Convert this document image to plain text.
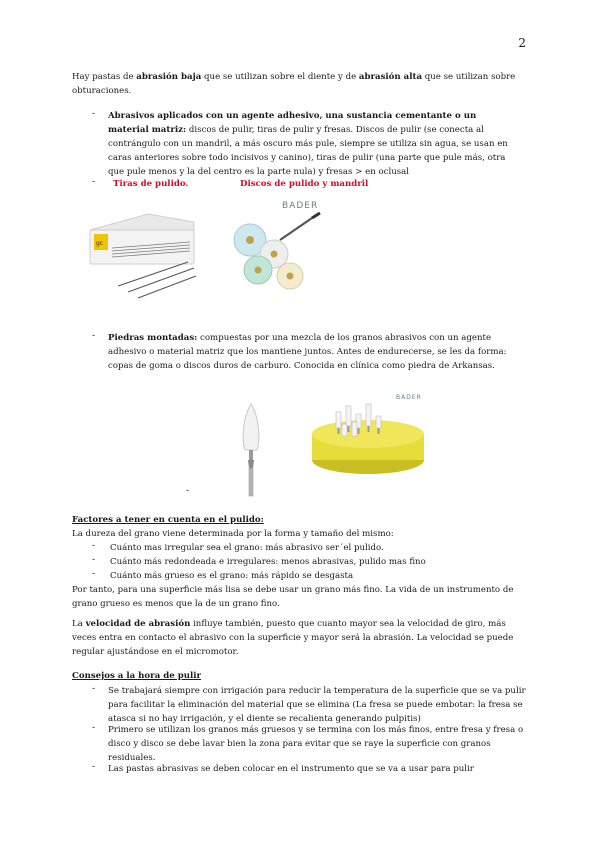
2

Hay pastas de abrasión baja que se utilizan sobre el diente y de abrasión alta que se utilizan sobre obturaciones.

- Abrasivos aplicados con un agente adhesivo, una sustancia cementante o un material matriz: discos de pulir, tiras de pulir y fresas. Discos de pulir (se conecta al contrángulo con un mandril, a más oscuro más pule, siempre se utiliza sin agua, se usan en caras anteriores sobre todo incisivos y canino), tiras de pulir (una parte que pule más, otra que pule menos y la del centro es la parte nula) y fresas > en oclusal

- Tiras de pulido.	Discos de pulido y mandril
gc
BADER
- Piedras montadas: compuestas por una mezcla de los granos abrasivos con un agente adhesivo o material matriz que los mantiene juntos. Antes de endurecerse, se les da forma: copas de goma o discos duros de carburo. Conocida en clínica como piedra de Arkansas.

-
BADER
Factores a tener en cuenta en el pulido:
La dureza del grano viene determinada por la forma y tamaño del mismo:
- Cuánto mas irregular sea el grano: más abrasivo ser´el pulido.
- Cuánto más redondeada e irregulares: menos abrasivas, pulido mas fino
- Cuánto más grueso es el grano: más rápido se desgasta

Por tanto, para una superficie más lisa se debe usar un grano más fino. La vida de un instrumento de grano grueso es menos que la de un grano fino.

La velocidad de abrasión influye también, puesto que cuanto mayor sea la velocidad de giro, más veces entra en contacto el abrasivo con la superficie y mayor será la abrasión. La velocidad se puede regular ajustándose en el micromotor.

Consejos a la hora de pulir
- Se trabajará siempre con irrigación para reducir la temperatura de la superficie que se va pulir para facilitar la eliminación del material que se elimina (La fresa se puede embotar: la fresa se atasca si no hay irrigación, y el diente se recalienta generando pulpitis)

- Primero se utilizan los granos más gruesos y se termina con los más finos, entre fresa y fresa o disco y disco se debe lavar bien la zona para evitar que se raye la superficie con granos residuales.

- Las pastas abrasivas se deben colocar en el instrumento que se va a usar para pulir
